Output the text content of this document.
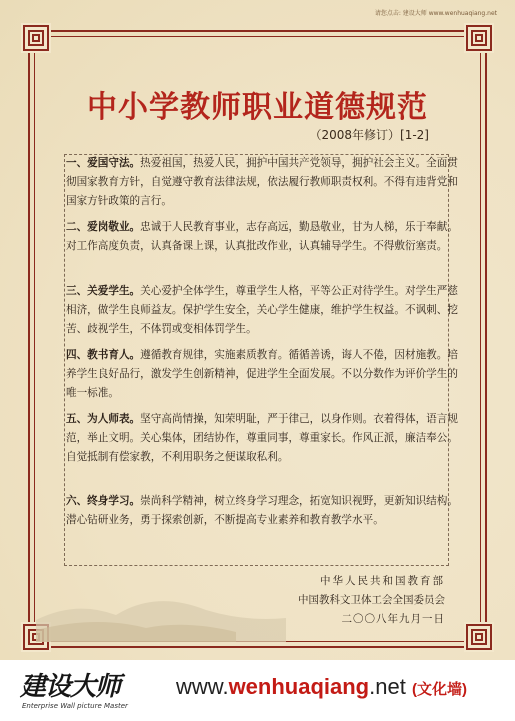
请您点击: 建设大师 www.wenhuaqiang.net
中小学教师职业道德规范
（2008年修订）[1-2]
一、爱国守法。热爱祖国，热爱人民，拥护中国共产党领导，拥护社会主义。全面贯彻国家教育方针，自觉遵守教育法律法规，依法履行教师职责权利。不得有违背党和国家方针政策的言行。
二、爱岗敬业。忠诚于人民教育事业，志存高远，勤恳敬业，甘为人梯，乐于奉献。对工作高度负责，认真备课上课，认真批改作业，认真辅导学生。不得敷衍塞责。
三、关爱学生。关心爱护全体学生，尊重学生人格，平等公正对待学生。对学生严慈相济，做学生良师益友。保护学生安全，关心学生健康，维护学生权益。不讽刺、挖苦、歧视学生，不体罚或变相体罚学生。
四、教书育人。遵循教育规律，实施素质教育。循循善诱，诲人不倦，因材施教。培养学生良好品行，激发学生创新精神，促进学生全面发展。不以分数作为评价学生的唯一标准。
五、为人师表。坚守高尚情操，知荣明耻，严于律己，以身作则。衣着得体，语言规范，举止文明。关心集体，团结协作，尊重同事，尊重家长。作风正派，廉洁奉公。自觉抵制有偿家教，不利用职务之便谋取私利。
六、终身学习。崇尚科学精神，树立终身学习理念，拓宽知识视野，更新知识结构。潜心钻研业务，勇于探索创新，不断提高专业素养和教育教学水平。
中华人民共和国教育部
中国教科文卫体工会全国委员会
二〇〇八年九月一日
建设大师
Enterprise Wall picture Master
www.wenhuaqiang.net (文化墙)
